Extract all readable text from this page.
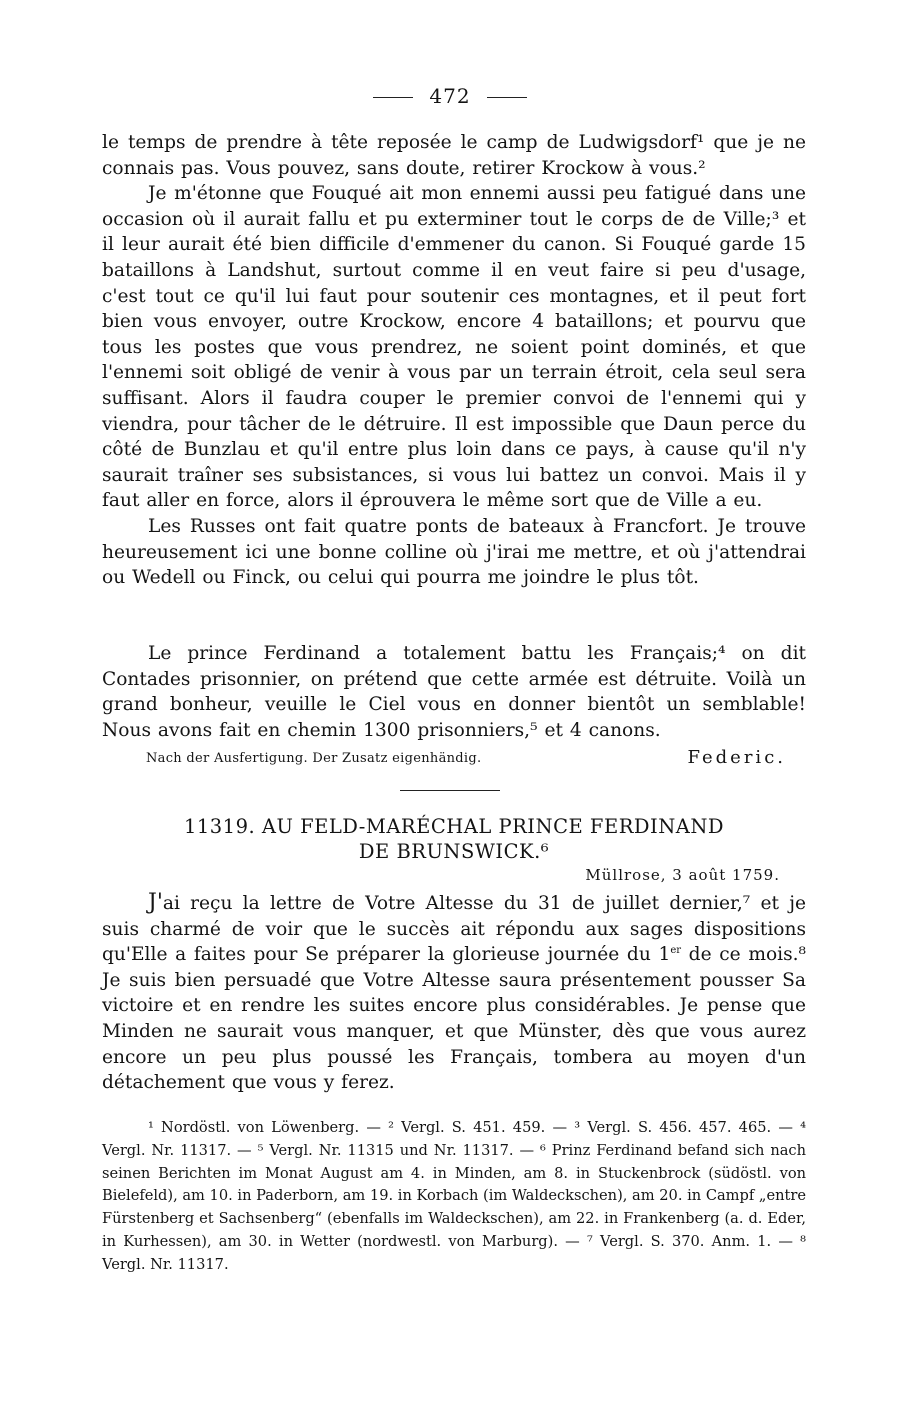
472

le temps de prendre à tête reposée le camp de Ludwigsdorf¹ que je ne connais pas. Vous pouvez, sans doute, retirer Krockow à vous.²

Je m'étonne que Fouqué ait mon ennemi aussi peu fatigué dans une occasion où il aurait fallu et pu exterminer tout le corps de de Ville;³ et il leur aurait été bien difficile d'emmener du canon. Si Fouqué garde 15 bataillons à Landshut, surtout comme il en veut faire si peu d'usage, c'est tout ce qu'il lui faut pour soutenir ces montagnes, et il peut fort bien vous envoyer, outre Krockow, encore 4 bataillons; et pourvu que tous les postes que vous prendrez, ne soient point dominés, et que l'ennemi soit obligé de venir à vous par un terrain étroit, cela seul sera suffisant. Alors il faudra couper le premier convoi de l'ennemi qui y viendra, pour tâcher de le détruire. Il est impossible que Daun perce du côté de Bunzlau et qu'il entre plus loin dans ce pays, à cause qu'il n'y saurait traîner ses subsistances, si vous lui battez un convoi. Mais il y faut aller en force, alors il éprouvera le même sort que de Ville a eu.

Les Russes ont fait quatre ponts de bateaux à Francfort. Je trouve heureusement ici une bonne colline où j'irai me mettre, et où j'attendrai ou Wedell ou Finck, ou celui qui pourra me joindre le plus tôt.

Le prince Ferdinand a totalement battu les Français;⁴ on dit Contades prisonnier, on prétend que cette armée est détruite. Voilà un grand bonheur, veuille le Ciel vous en donner bientôt un semblable! Nous avons fait en chemin 1300 prisonniers,⁵ et 4 canons.

Nach der Ausfertigung. Der Zusatz eigenhändig.	Federic.
11319. AU FELD-MARÉCHAL PRINCE FERDINAND
DE BRUNSWICK.⁶
Müllrose, 3 août 1759.

J'ai reçu la lettre de Votre Altesse du 31 de juillet dernier,⁷ et je suis charmé de voir que le succès ait répondu aux sages dispositions qu'Elle a faites pour Se préparer la glorieuse journée du 1er de ce mois.⁸ Je suis bien persuadé que Votre Altesse saura présentement pousser Sa victoire et en rendre les suites encore plus considérables. Je pense que Minden ne saurait vous manquer, et que Münster, dès que vous aurez encore un peu plus poussé les Français, tombera au moyen d'un détachement que vous y ferez.

¹ Nordöstl. von Löwenberg. — ² Vergl. S. 451. 459. — ³ Vergl. S. 456. 457. 465. — ⁴ Vergl. Nr. 11317. — ⁵ Vergl. Nr. 11315 und Nr. 11317. — ⁶ Prinz Ferdinand befand sich nach seinen Berichten im Monat August am 4. in Minden, am 8. in Stuckenbrock (südöstl. von Bielefeld), am 10. in Paderborn, am 19. in Korbach (im Waldeckschen), am 20. in Campf „entre Fürstenberg et Sachsenberg“ (ebenfalls im Waldeckschen), am 22. in Frankenberg (a. d. Eder, in Kurhessen), am 30. in Wetter (nordwestl. von Marburg). — ⁷ Vergl. S. 370. Anm. 1. — ⁸ Vergl. Nr. 11317.
